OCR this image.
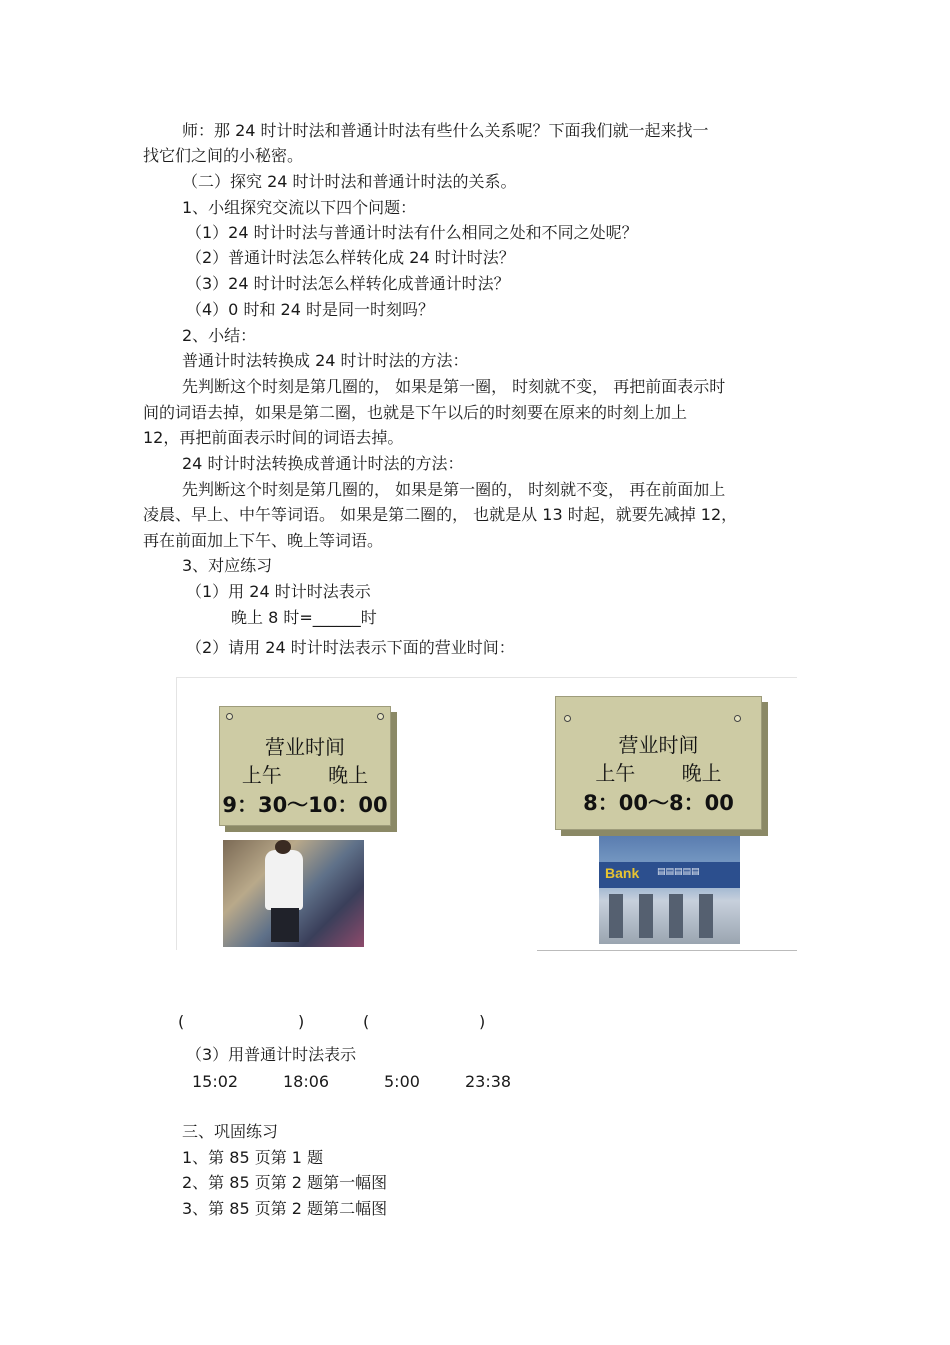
师：那 24 时计时法和普通计时法有些什么关系呢？下面我们就一起来找一
找它们之间的小秘密。
（二）探究 24 时计时法和普通计时法的关系。
1、小组探究交流以下四个问题：
（1）24 时计时法与普通计时法有什么相同之处和不同之处呢？
（2）普通计时法怎么样转化成 24 时计时法？
（3）24 时计时法怎么样转化成普通计时法？
（4）0 时和 24 时是同一时刻吗？
2、小结：
普通计时法转换成 24 时计时法的方法：
先判断这个时刻是第几圈的， 如果是第一圈， 时刻就不变， 再把前面表示时
间的词语去掉，如果是第二圈，也就是下午以后的时刻要在原来的时刻上加上
12，再把前面表示时间的词语去掉。
24 时计时法转换成普通计时法的方法：
先判断这个时刻是第几圈的， 如果是第一圈的， 时刻就不变， 再在前面加上
凌晨、早上、中午等词语。 如果是第二圈的， 也就是从 13 时起，就要先减掉 12，
再在前面加上下午、晚上等词语。
3、对应练习
（1）用 24 时计时法表示
晚上 8 时=______时
（2）请用 24 时计时法表示下面的营业时间：
营业时间
上午 晚上
9：30～10：00
营业时间
上午 晚上
8：00～8：00
Bank ▤▤▤▤▤
(	)	(	)
（3）用普通计时法表示
15:02	18:06	5:00	23:38
三、巩固练习
1、第 85 页第 1 题
2、第 85 页第 2 题第一幅图
3、第 85 页第 2 题第二幅图
